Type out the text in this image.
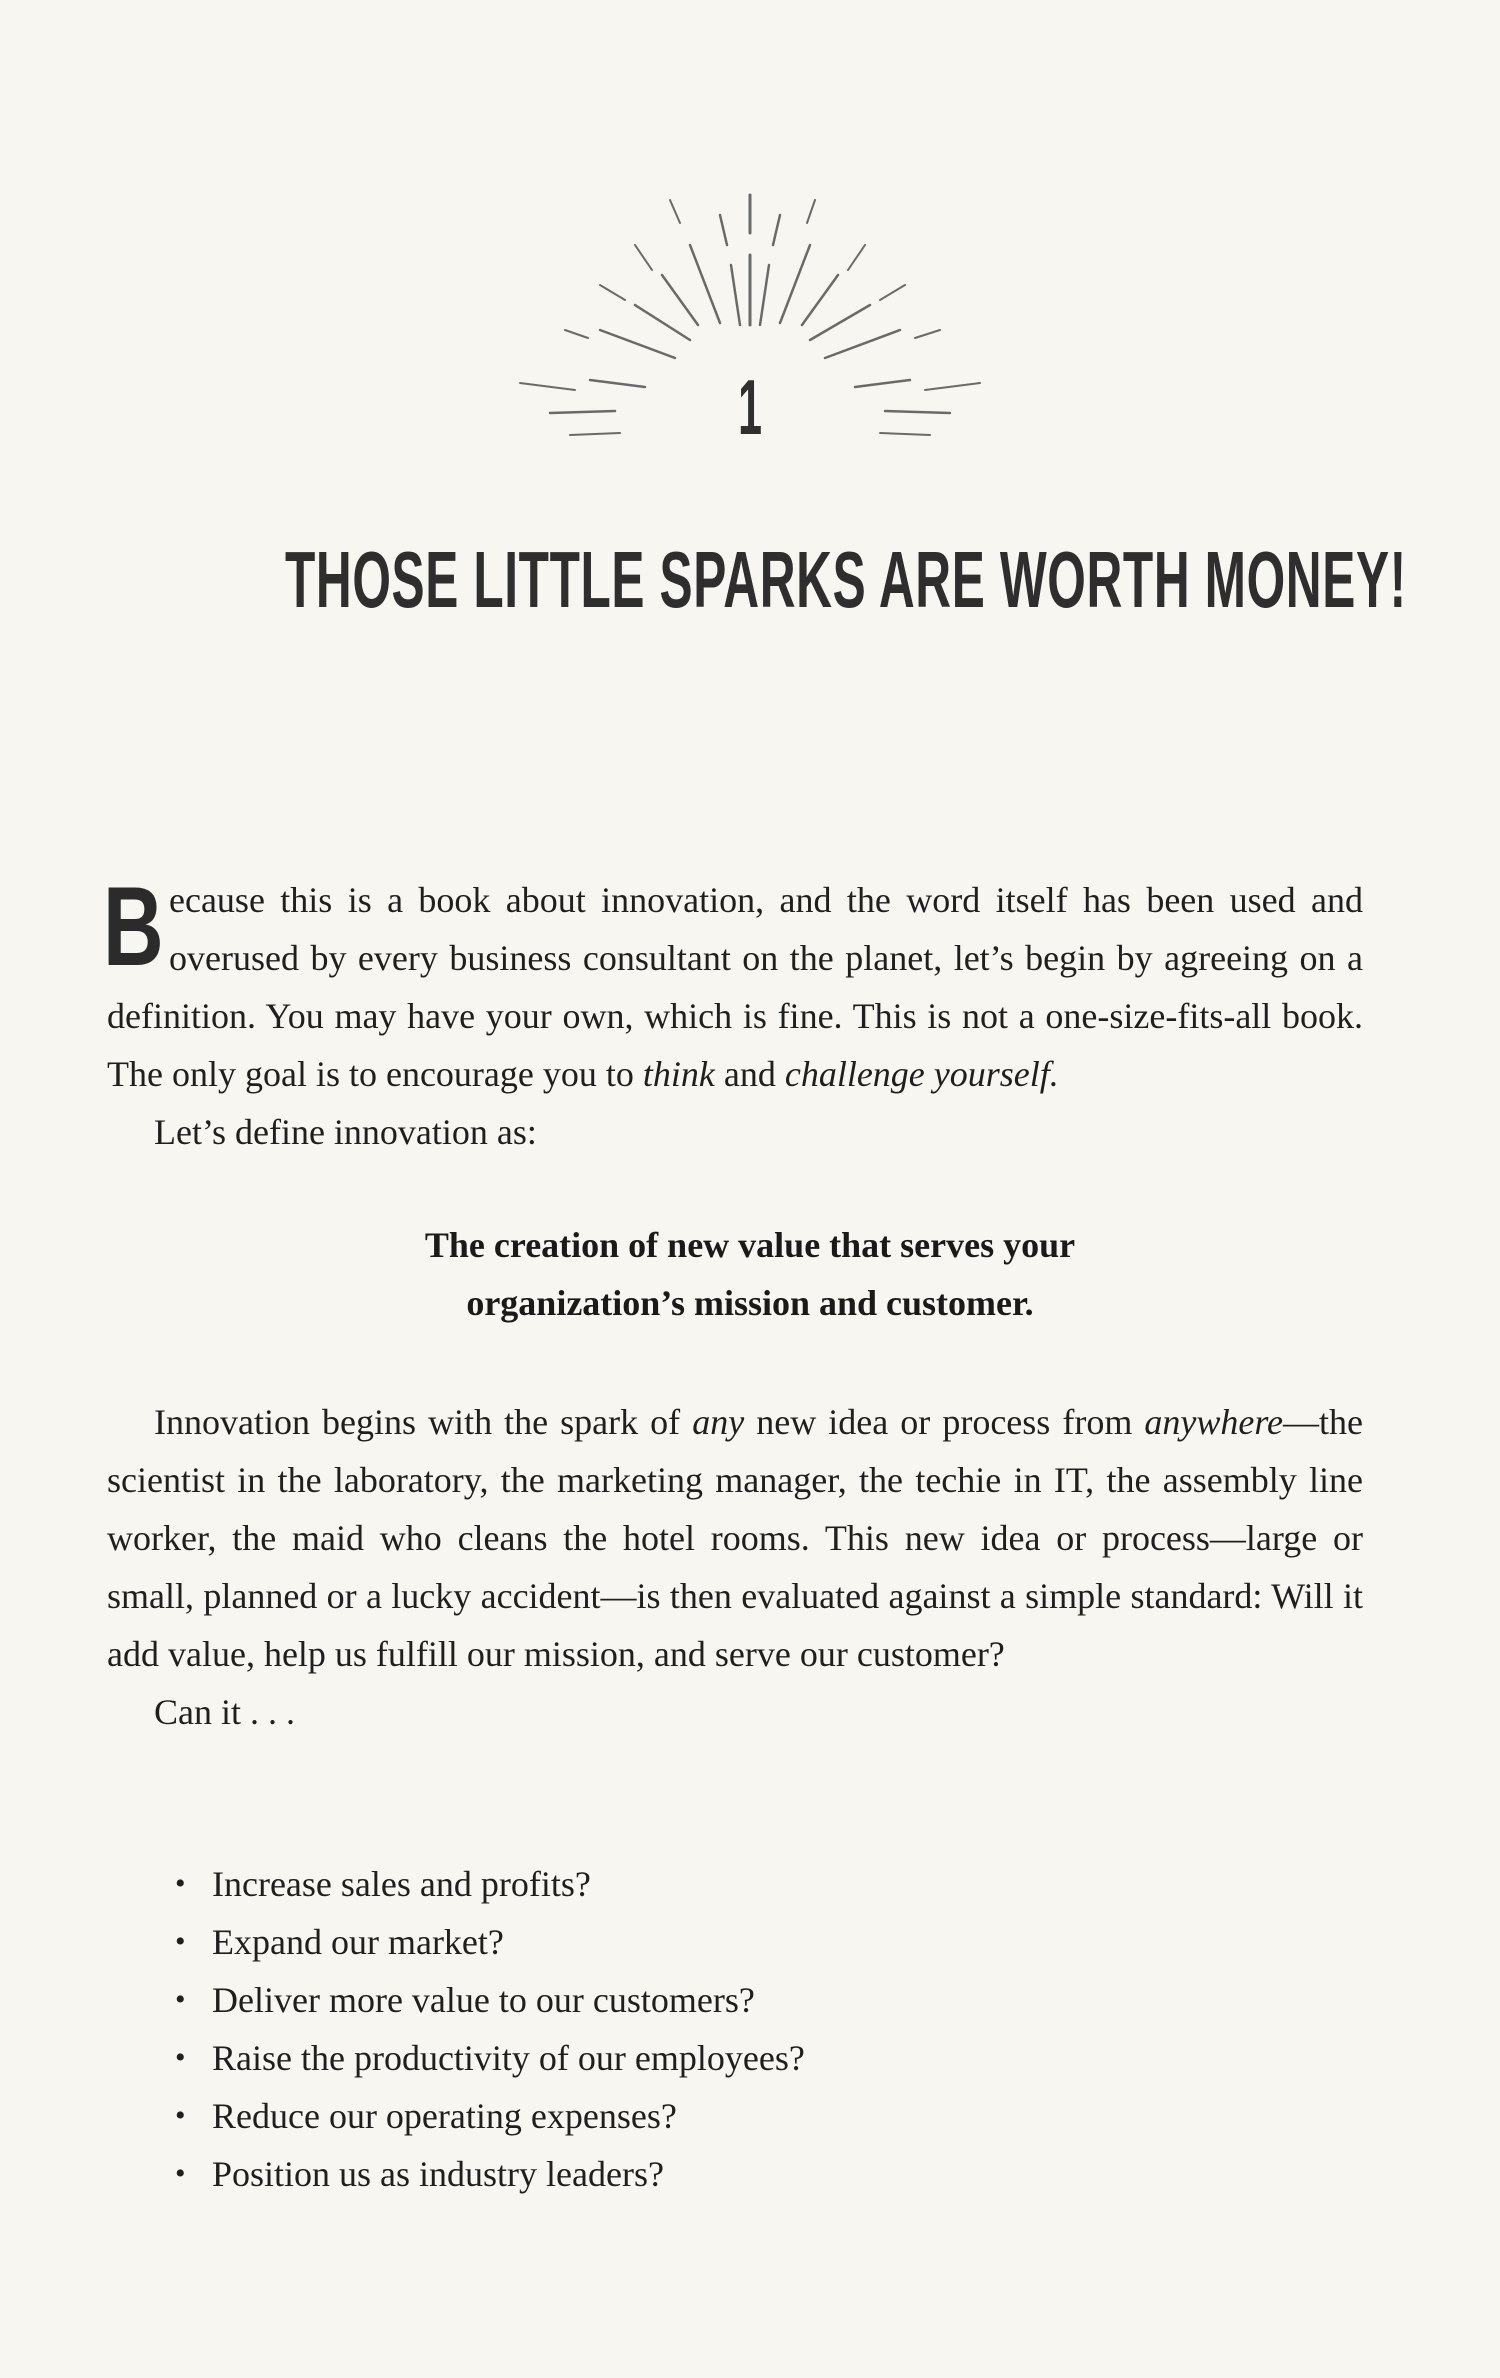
1
THOSE LITTLE SPARKS ARE WORTH MONEY!

Because this is a book about innovation, and the word itself has been used and overused by every business consultant on the planet, let’s begin by agreeing on a definition. You may have your own, which is fine. This is not a one-size-fits-all book. The only goal is to encourage you to think and challenge yourself.

Let’s define innovation as:

The creation of new value that serves your
organization’s mission and customer.

Innovation begins with the spark of any new idea or process from anywhere—the scientist in the laboratory, the marketing manager, the techie in IT, the assembly line worker, the maid who cleans the hotel rooms. This new idea or process—large or small, planned or a lucky accident—is then evaluated against a simple standard: Will it add value, help us fulfill our mission, and serve our customer?

Can it . . .

• Increase sales and profits?
• Expand our market?
• Deliver more value to our customers?
• Raise the productivity of our employees?
• Reduce our operating expenses?
• Position us as industry leaders?
